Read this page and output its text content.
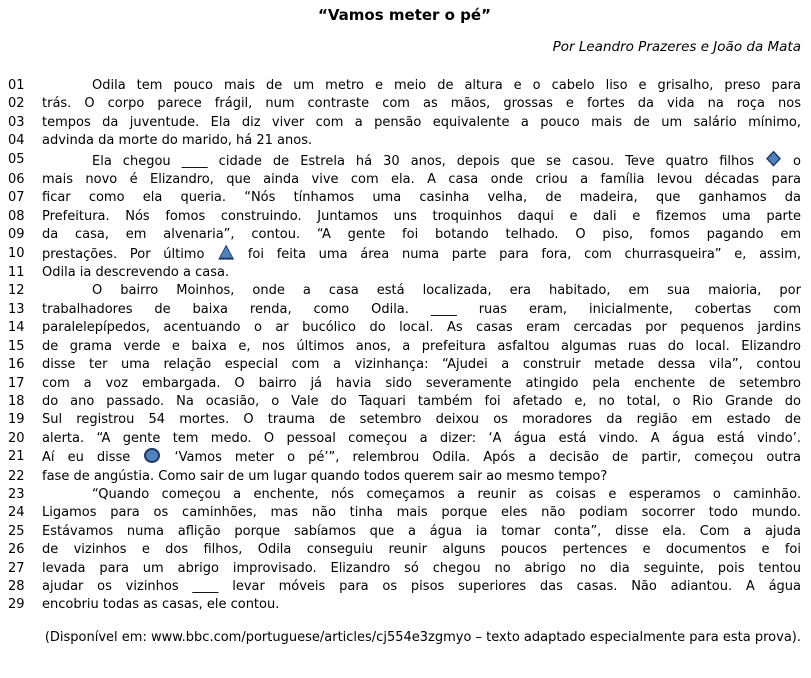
“Vamos meter o pé”
Por Leandro Prazeres e João da Mata
01	Odila tem pouco mais de um metro e meio de altura e o cabelo liso e grisalho, preso para
02	trás. O corpo parece frágil, num contraste com as mãos, grossas e fortes da vida na roça nos
03	tempos da juventude. Ela diz viver com a pensão equivalente a pouco mais de um salário mínimo,
04	advinda da morte do marido, há 21 anos.
05	Ela chegou ____ cidade de Estrela há 30 anos, depois que se casou. Teve quatro filhos
o
06	mais novo é Elizandro, que ainda vive com ela. A casa onde criou a família levou décadas para
07	ficar como ela queria. “Nós tínhamos uma casinha velha, de madeira, que ganhamos da
08	Prefeitura. Nós fomos construindo. Juntamos uns troquinhos daqui e dali e fizemos uma parte
09	da casa, em alvenaria”, contou. “A gente foi botando telhado. O piso, fomos pagando em
10	prestações. Por último
foi feita uma área numa parte para fora, com churrasqueira” e, assim,
11	Odila ia descrevendo a casa.
12	O bairro Moinhos, onde a casa está localizada, era habitado, em sua maioria, por
13	trabalhadores de baixa renda, como Odila. ____ ruas eram, inicialmente, cobertas com
14	paralelepípedos, acentuando o ar bucólico do local. As casas eram cercadas por pequenos jardins
15	de grama verde e baixa e, nos últimos anos, a prefeitura asfaltou algumas ruas do local. Elizandro
16	disse ter uma relação especial com a vizinhança: “Ajudei a construir metade dessa vila”, contou
17	com a voz embargada. O bairro já havia sido severamente atingido pela enchente de setembro
18	do ano passado. Na ocasião, o Vale do Taquari também foi afetado e, no total, o Rio Grande do
19	Sul registrou 54 mortes. O trauma de setembro deixou os moradores da região em estado de
20	alerta. “A gente tem medo. O pessoal começou a dizer: ‘A água está vindo. A água está vindo’.
21	Aí eu disse
‘Vamos meter o pé’”, relembrou Odila. Após a decisão de partir, começou outra
22	fase de angústia. Como sair de um lugar quando todos querem sair ao mesmo tempo?
23	“Quando começou a enchente, nós começamos a reunir as coisas e esperamos o caminhão.
24	Ligamos para os caminhões, mas não tinha mais porque eles não podiam socorrer todo mundo.
25	Estávamos numa aflição porque sabíamos que a água ia tomar conta”, disse ela. Com a ajuda
26	de vizinhos e dos filhos, Odila conseguiu reunir alguns poucos pertences e documentos e foi
27	levada para um abrigo improvisado. Elizandro só chegou no abrigo no dia seguinte, pois tentou
28	ajudar os vizinhos ____ levar móveis para os pisos superiores das casas. Não adiantou. A água
29	encobriu todas as casas, ele contou.
(Disponível em: www.bbc.com/portuguese/articles/cj554e3zgmyo – texto adaptado especialmente para esta prova).
